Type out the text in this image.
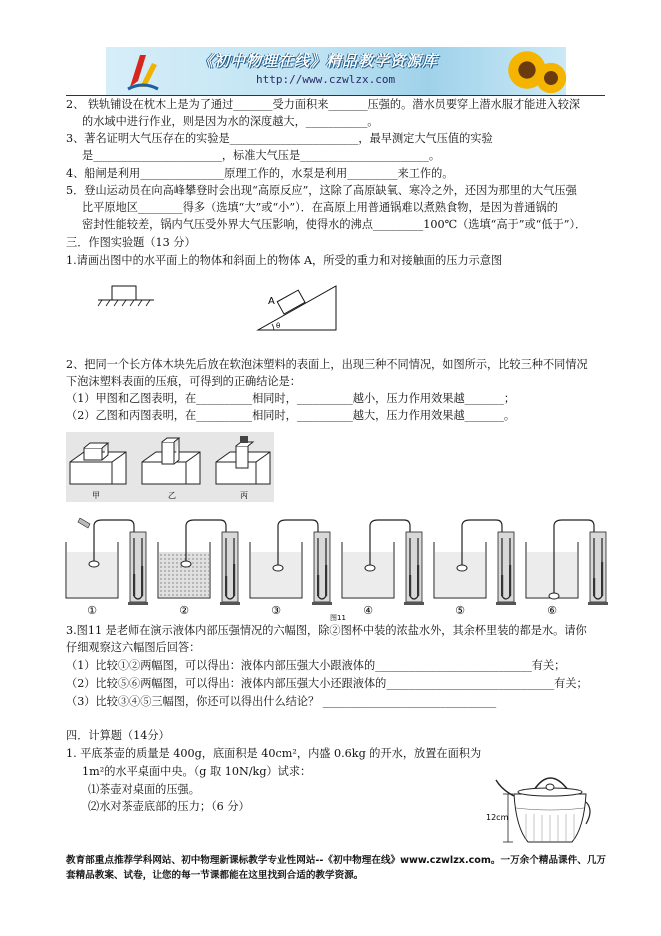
《初中物理在线》精品教学资源库
http://www.czwlzx.com
2、 铁轨铺设在枕木上是为了通过_______受力面积来_______压强的。潜水员要穿上潜水服才能进入较深
的水域中进行作业，则是因为水的深度越大，___________。
3、著名证明大气压存在的实验是_______________________，最早测定大气压值的实验
是_______________________，标准大气压是_______________________。
4、船闸是利用_______________原理工作的，水泵是利用_________来工作的。
5．登山运动员在向高峰攀登时会出现“高原反应”，这除了高原缺氧、寒冷之外，还因为那里的大气压强
比平原地区________得多（选填“大”或“小”）．在高原上用普通锅难以煮熟食物，是因为普通锅的
密封性能较差，锅内气压受外界大气压影响，使得水的沸点_________100℃（选填“高于”或“低于”）．
三．作图实验题（13 分）
1.请画出图中的水平面上的物体和斜面上的物体 A，所受的重力和对接触面的压力示意图
A
θ
2、把同一个长方体木块先后放在软泡沫塑料的表面上，出现三种不同情况，如图所示，比较三种不同情况
下泡沫塑料表面的压痕，可得到的正确结论是：
（1）甲图和乙图表明，在__________相同时，__________越小，压力作用效果越_______；
（2）乙图和丙图表明，在__________相同时，__________越大，压力作用效果越_______。
甲	乙	丙
图11
①	②	③	④	⑤	⑥
3.图11 是老师在演示液体内部压强情况的六幅图，除②图杯中装的浓盐水外，其余杯里装的都是水。请你
仔细观察这六幅图后回答：
（1）比较①②两幅图，可以得出：液体内部压强大小跟液体的____________________________有关；
（2）比较⑤⑥两幅图，可以得出：液体内部压强大小还跟液体的______________________________有关；
（3）比较③④⑤三幅图，你还可以得出什么结论？ _______________________________
四．计算题（14分）
1. 平底茶壶的质量是 400g，底面积是 40cm²，内盛 0.6kg 的开水，放置在面积为
1m²的水平桌面中央。（g 取 10N/kg）试求：
⑴茶壶对桌面的压强。
⑵水对茶壶底部的压力；（6 分）
12cm
教育部重点推荐学科网站、初中物理新课标教学专业性网站--《初中物理在线》www.czwlzx.com。一万余个精品课件、几万
套精品教案、试卷，让您的每一节课都能在这里找到合适的教学资源。
